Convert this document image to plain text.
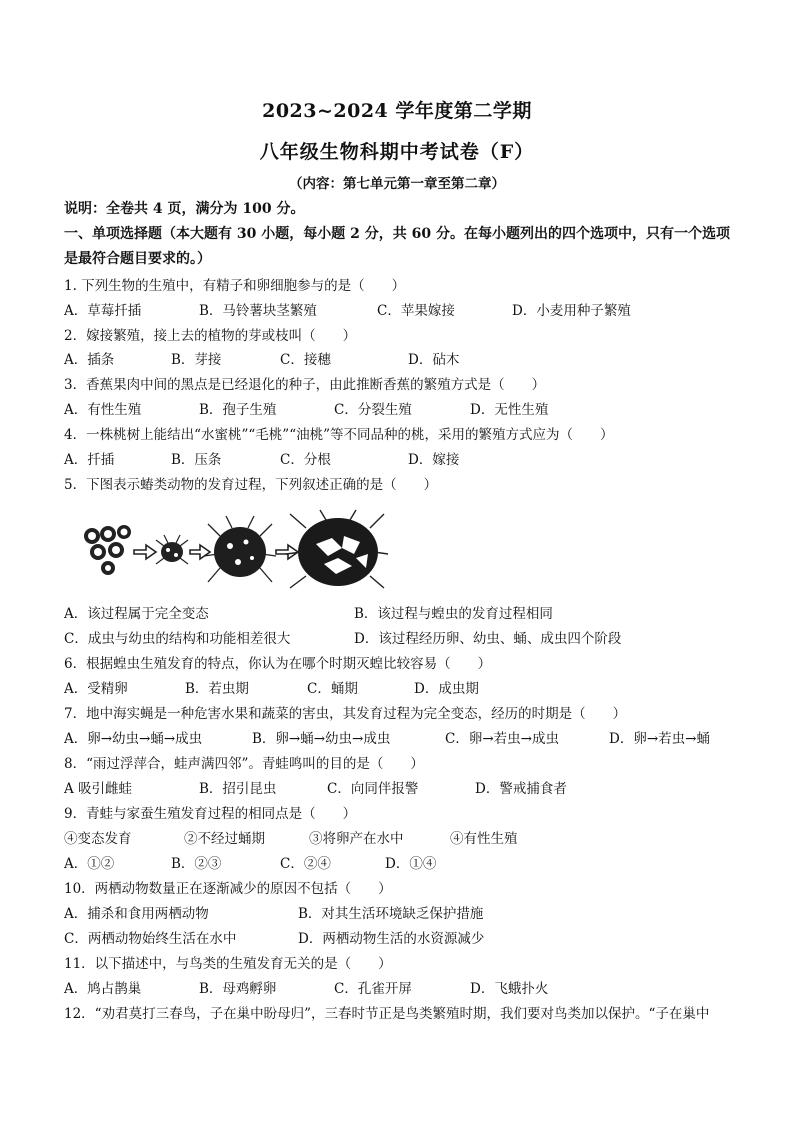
2023~2024 学年度第二学期
八年级生物科期中考试卷（F）
（内容：第七单元第一章至第二章）
说明：全卷共 4 页，满分为 100 分。
一、单项选择题（本大题有 30 小题，每小题 2 分，共 60 分。在每小题列出的四个选项中，只有一个选项是最符合题目要求的。）
1. 下列生物的生殖中，有精子和卵细胞参与的是（　　）
A．草莓扦插	B．马铃薯块茎繁殖	C．苹果嫁接	D．小麦用种子繁殖
2．嫁接繁殖，接上去的植物的芽或枝叫（　　）
A．插条	B．芽接	C．接穗	D．砧木
3．香蕉果肉中间的黑点是已经退化的种子，由此推断香蕉的繁殖方式是（　　）
A．有性生殖	B．孢子生殖	C．分裂生殖	D．无性生殖
4．一株桃树上能结出“水蜜桃”“毛桃”“油桃”等不同品种的桃，采用的繁殖方式应为（　　）
A．扦插	B．压条	C．分根	D．嫁接
5．下图表示蝽类动物的发育过程，下列叙述正确的是（　　）
A．该过程属于完全变态	B．该过程与蝗虫的发育过程相同
C．成虫与幼虫的结构和功能相差很大	D．该过程经历卵、幼虫、蛹、成虫四个阶段
6．根据蝗虫生殖发育的特点，你认为在哪个时期灭蝗比较容易（　　）
A．受精卵	B．若虫期	C．蛹期	D．成虫期
7．地中海实蝇是一种危害水果和蔬菜的害虫，其发育过程为完全变态，经历的时期是（　　）
A．卵→幼虫→蛹→成虫	B．卵→蛹→幼虫→成虫	C．卵→若虫→成虫	D．卵→若虫→蛹
8．“雨过浮萍合，蛙声满四邻”。青蛙鸣叫的目的是（　　）
A 吸引雌蛙	B．招引昆虫	C．向同伴报警	D．警戒捕食者
9．青蛙与家蚕生殖发育过程的相同点是（　　）
④变态发育	②不经过蛹期	③将卵产在水中	④有性生殖
A．①②	B．②③	C．②④	D．①④
10．两栖动物数量正在逐渐减少的原因不包括（　　）
A．捕杀和食用两栖动物	B．对其生活环境缺乏保护措施
C．两栖动物始终生活在水中	D．两栖动物生活的水资源减少
11．以下描述中，与鸟类的生殖发育无关的是（　　）
A．鸠占鹊巢	B．母鸡孵卵	C．孔雀开屏	D．飞蛾扑火
12．“劝君莫打三春鸟，子在巢中盼母归”，三春时节正是鸟类繁殖时期，我们要对鸟类加以保护。“子在巢中
